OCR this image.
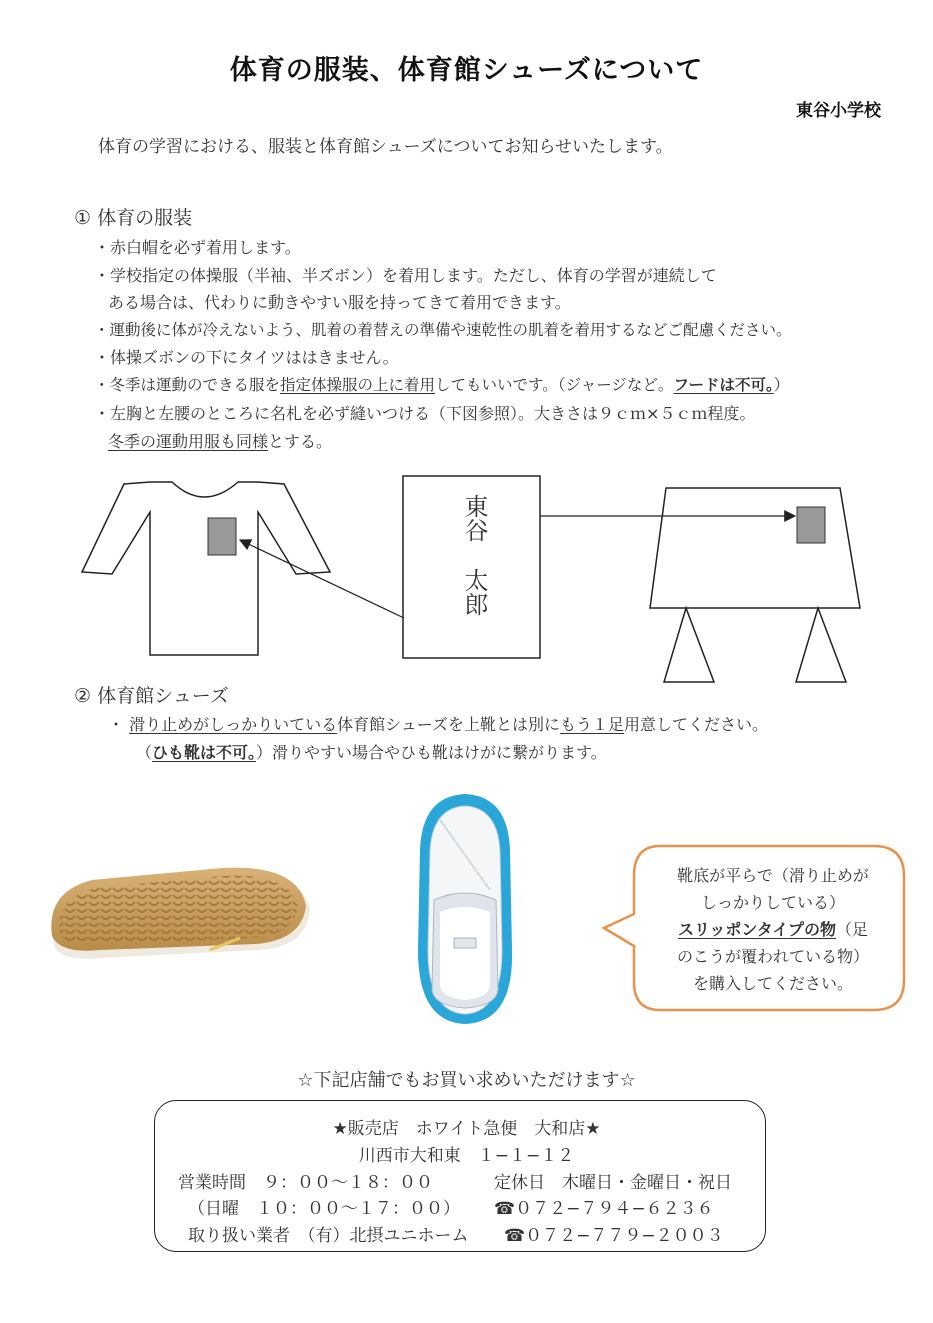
体育の服装、体育館シューズについて
東谷小学校
体育の学習における、服装と体育館シューズについてお知らせいたします。
① 体育の服装
・赤白帽を必ず着用します。
・学校指定の体操服（半袖、半ズボン）を着用します。ただし、体育の学習が連続して
ある場合は、代わりに動きやすい服を持ってきて着用できます。
・運動後に体が冷えないよう、肌着の着替えの準備や速乾性の肌着を着用するなどご配慮ください。
・体操ズボンの下にタイツははきません。
・冬季は運動のできる服を指定体操服の上に着用してもいいです。（ジャージなど。フードは不可。）
・左胸と左腰のところに名札を必ず縫いつける（下図参照）。大きさは９ｃｍ×５ｃｍ程度。
冬季の運動用服も同様とする。
東谷
太郎
② 体育館シューズ
・ 滑り止めがしっかりいている体育館シューズを上靴とは別にもう１足用意してください。
（ひも靴は不可。）滑りやすい場合やひも靴はけがに繋がります。
靴底が平らで（滑り止めが
しっかりしている）
スリッポンタイプの物（足
のこうが覆われている物）
を購入してください。
☆下記店舗でもお買い求めいただけます☆
★販売店　ホワイト急便　大和店★
川西市大和東　１−１−１２
営業時間　９：００〜１８：００	定休日　木曜日・金曜日・祝日
（日曜　１０：００〜１７：００） ☎０７２−７９４−６２３６
取り扱い業者　（有）北摂ユニホーム ☎０７２−７７９−２００３
